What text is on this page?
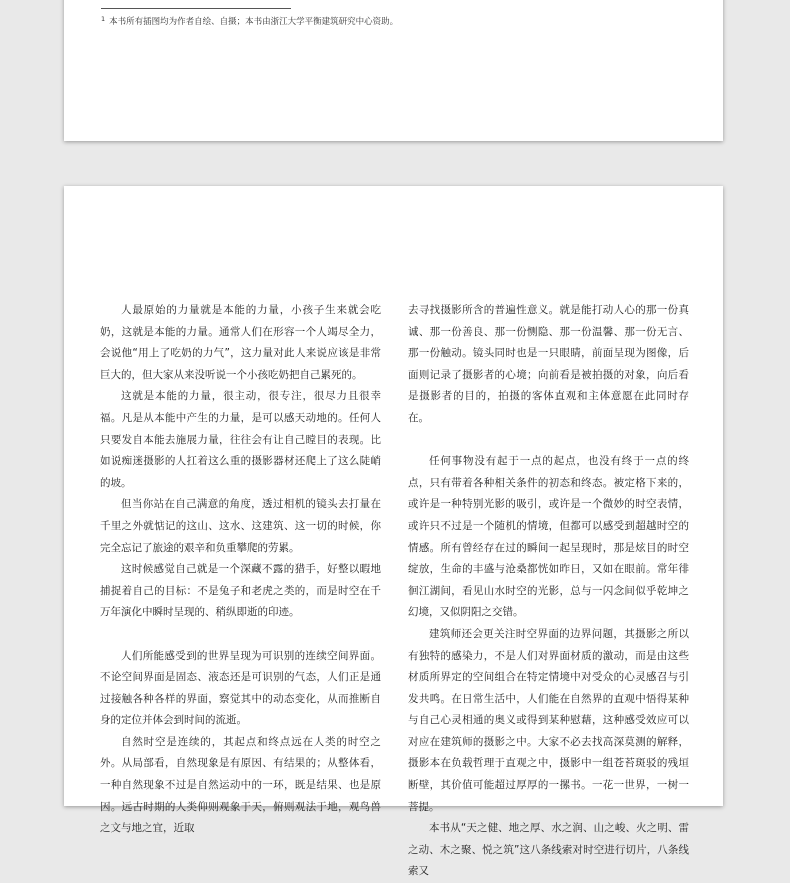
$^1$ 本书所有插图均为作者自绘、自摄；本书由浙江大学平衡建筑研究中心资助。

人最原始的力量就是本能的力量，小孩子生来就会吃奶，这就是本能的力量。通常人们在形容一个人竭尽全力，会说他“用上了吃奶的力气”，这力量对此人来说应该是非常巨大的，但大家从来没听说一个小孩吃奶把自己累死的。

这就是本能的力量，很主动，很专注，很尽力且很幸福。凡是从本能中产生的力量，是可以感天动地的。任何人只要发自本能去施展力量，往往会有让自己瞠目的表现。比如说痴迷摄影的人扛着这么重的摄影器材还爬上了这么陡峭的坡。

但当你站在自己满意的角度，透过相机的镜头去打量在千里之外就惦记的这山、这水、这建筑、这一切的时候，你完全忘记了旅途的艰辛和负重攀爬的劳累。

这时候感觉自己就是一个深藏不露的猎手，好整以暇地捕捉着自己的目标：不是兔子和老虎之类的，而是时空在千万年演化中瞬时呈现的、稍纵即逝的印迹。

人们所能感受到的世界呈现为可识别的连续空间界面。不论空间界面是固态、液态还是可识别的气态，人们正是通过接触各种各样的界面，察觉其中的动态变化，从而推断自身的定位并体会到时间的流逝。

自然时空是连续的，其起点和终点远在人类的时空之外。从局部看，自然现象是有原因、有结果的；从整体看，一种自然现象不过是自然运动中的一环，既是结果、也是原因。远古时期的人类仰则观象于天，俯则观法于地，观鸟兽之文与地之宜，近取

去寻找摄影所含的普遍性意义。就是能打动人心的那一份真诚、那一份善良、那一份恻隐、那一份温馨、那一份无言、那一份触动。镜头同时也是一只眼睛，前面呈现为图像，后面则记录了摄影者的心境；向前看是被拍摄的对象，向后看是摄影者的目的，拍摄的客体直观和主体意愿在此同时存在。

任何事物没有起于一点的起点，也没有终于一点的终点，只有带着各种相关条件的初态和终态。被定格下来的，或许是一种特别光影的吸引，或许是一个微妙的时空表情，或许只不过是一个随机的情境，但都可以感受到超越时空的情感。所有曾经存在过的瞬间一起呈现时，那是炫目的时空绽放，生命的丰盛与沧桑都恍如昨日，又如在眼前。常年徘徊江湖间，看见山水时空的光影，总与一闪念间似乎乾坤之幻境，又似阴阳之交错。

建筑师还会更关注时空界面的边界问题，其摄影之所以有独特的感染力，不是人们对界面材质的激动，而是由这些材质所界定的空间组合在特定情境中对受众的心灵感召与引发共鸣。在日常生活中，人们能在自然界的直观中悟得某种与自己心灵相通的奥义或得到某种慰藉，这种感受效应可以对应在建筑师的摄影之中。大家不必去找高深莫测的解释，摄影本在负载哲理于直观之中，摄影中一组苍苔斑驳的残垣断壁，其价值可能超过厚厚的一摞书。一花一世界，一树一菩提。

本书从“天之健、地之厚、水之润、山之峻、火之明、雷之动、木之聚、悦之筑”这八条线索对时空进行切片，八条线索又
